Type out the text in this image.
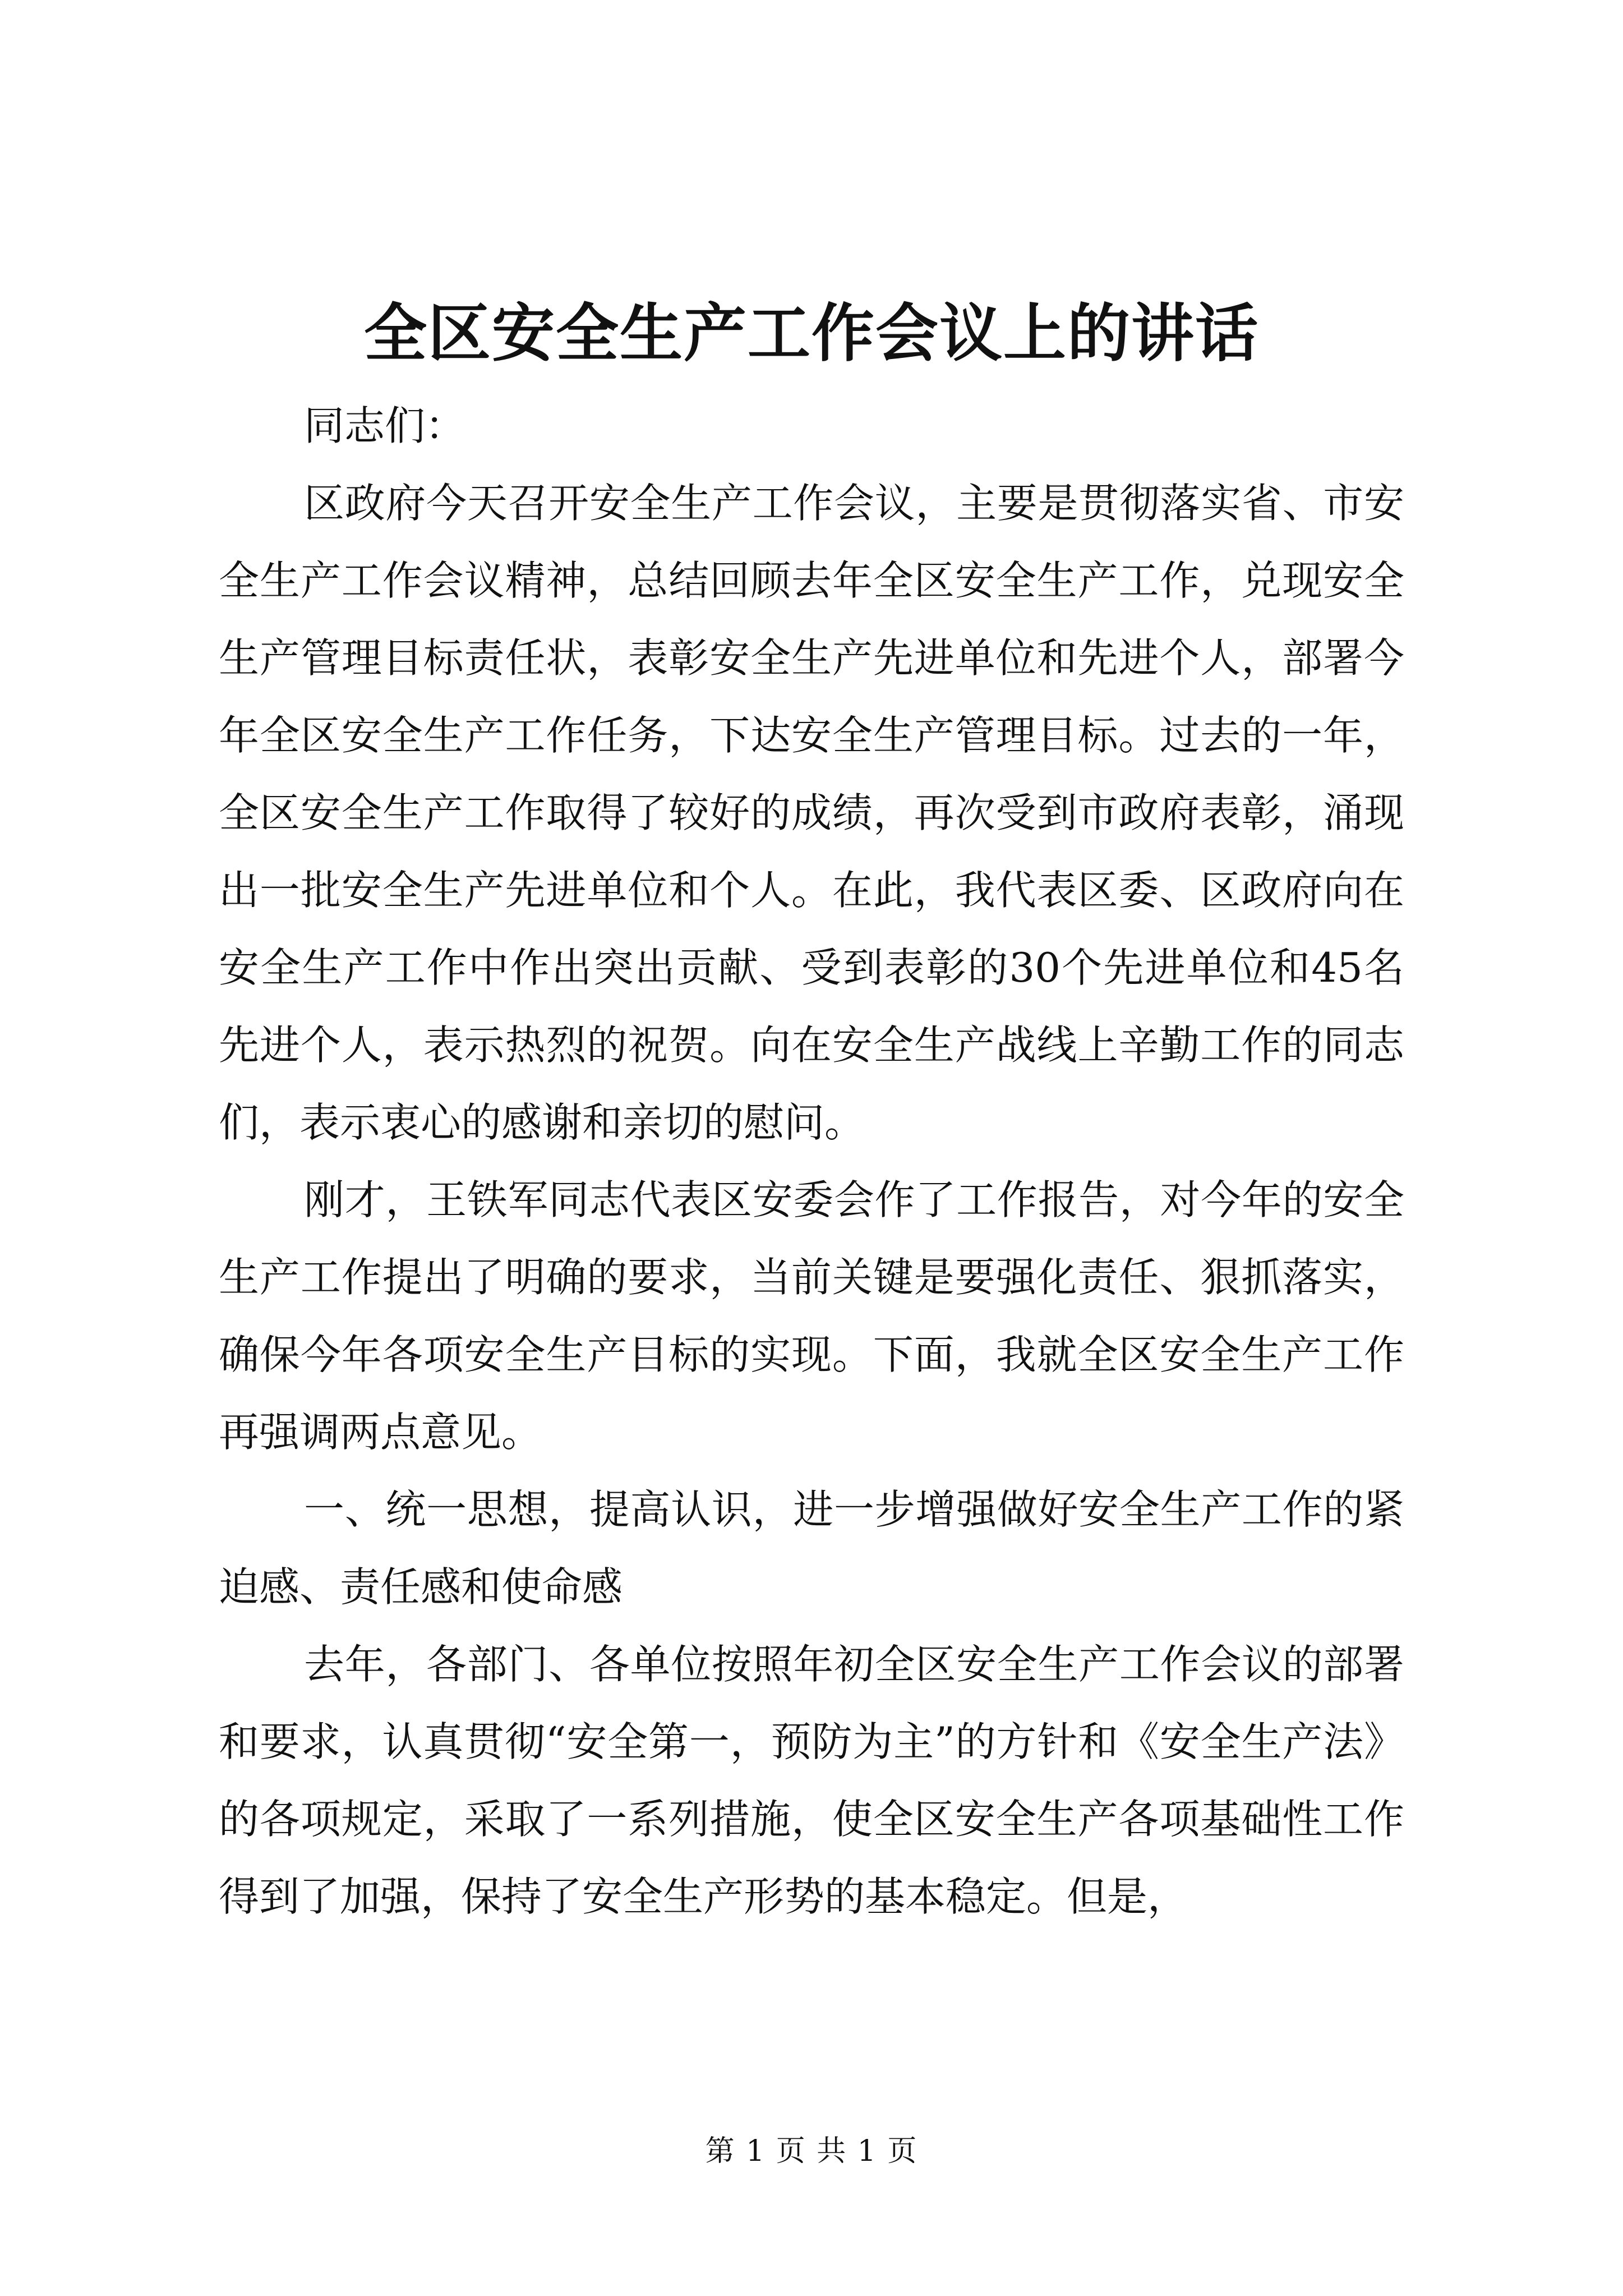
全区安全生产工作会议上的讲话

同志们：

区政府今天召开安全生产工作会议，主要是贯彻落实省、市安全生产工作会议精神，总结回顾去年全区安全生产工作，兑现安全生产管理目标责任状，表彰安全生产先进单位和先进个人，部署今年全区安全生产工作任务，下达安全生产管理目标。过去的一年，全区安全生产工作取得了较好的成绩，再次受到市政府表彰，涌现出一批安全生产先进单位和个人。在此，我代表区委、区政府向在安全生产工作中作出突出贡献、受到表彰的30个先进单位和45名先进个人，表示热烈的祝贺。向在安全生产战线上辛勤工作的同志们，表示衷心的感谢和亲切的慰问。

刚才，王铁军同志代表区安委会作了工作报告，对今年的安全生产工作提出了明确的要求，当前关键是要强化责任、狠抓落实，确保今年各项安全生产目标的实现。下面，我就全区安全生产工作再强调两点意见。

一、统一思想，提高认识，进一步增强做好安全生产工作的紧迫感、责任感和使命感

去年，各部门、各单位按照年初全区安全生产工作会议的部署和要求，认真贯彻“安全第一，预防为主”的方针和《安全生产法》的各项规定，采取了一系列措施，使全区安全生产各项基础性工作得到了加强，保持了安全生产形势的基本稳定。但是，

第 1 页 共 1 页
